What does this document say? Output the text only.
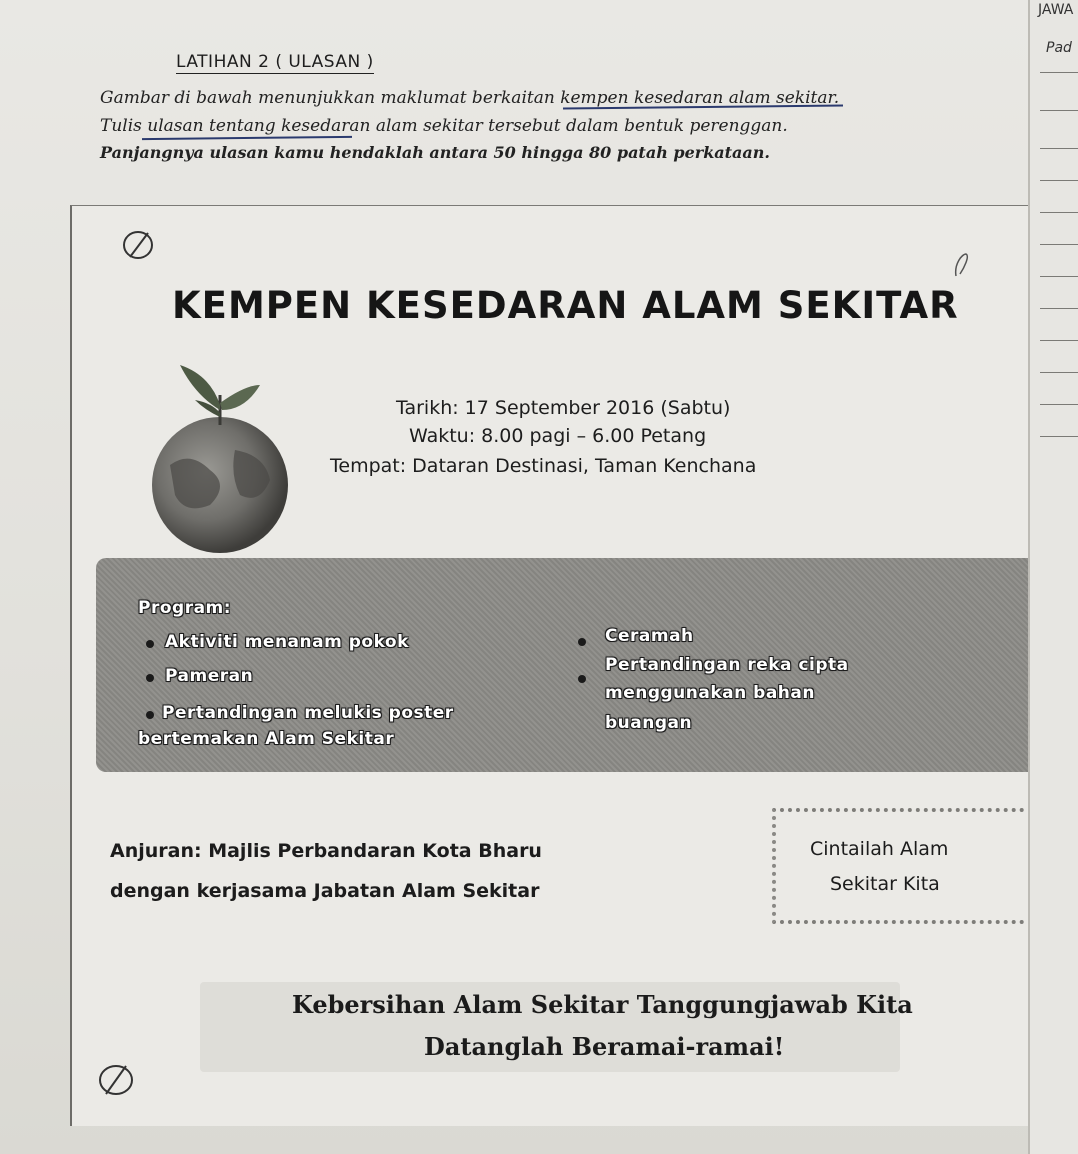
LATIHAN 2 ( ULASAN )
Gambar di bawah menunjukkan maklumat berkaitan kempen kesedaran alam sekitar.
Tulis ulasan tentang kesedaran alam sekitar tersebut dalam bentuk perenggan.
Panjangnya ulasan kamu hendaklah antara 50 hingga 80 patah perkataan.
KEMPEN KESEDARAN ALAM SEKITAR
Tarikh: 17 September 2016 (Sabtu)
Waktu: 8.00 pagi – 6.00 Petang
Tempat: Dataran Destinasi, Taman Kenchana
Program:
Aktiviti menanam pokok
Pameran
Pertandingan melukis poster
bertemakan Alam Sekitar
Ceramah
Pertandingan reka cipta
menggunakan bahan
buangan
Anjuran: Majlis Perbandaran Kota Bharu
dengan kerjasama Jabatan Alam Sekitar
Cintailah Alam
Sekitar Kita
Kebersihan Alam Sekitar Tanggungjawab Kita
Datanglah Beramai-ramai!
JAWA
Pad
